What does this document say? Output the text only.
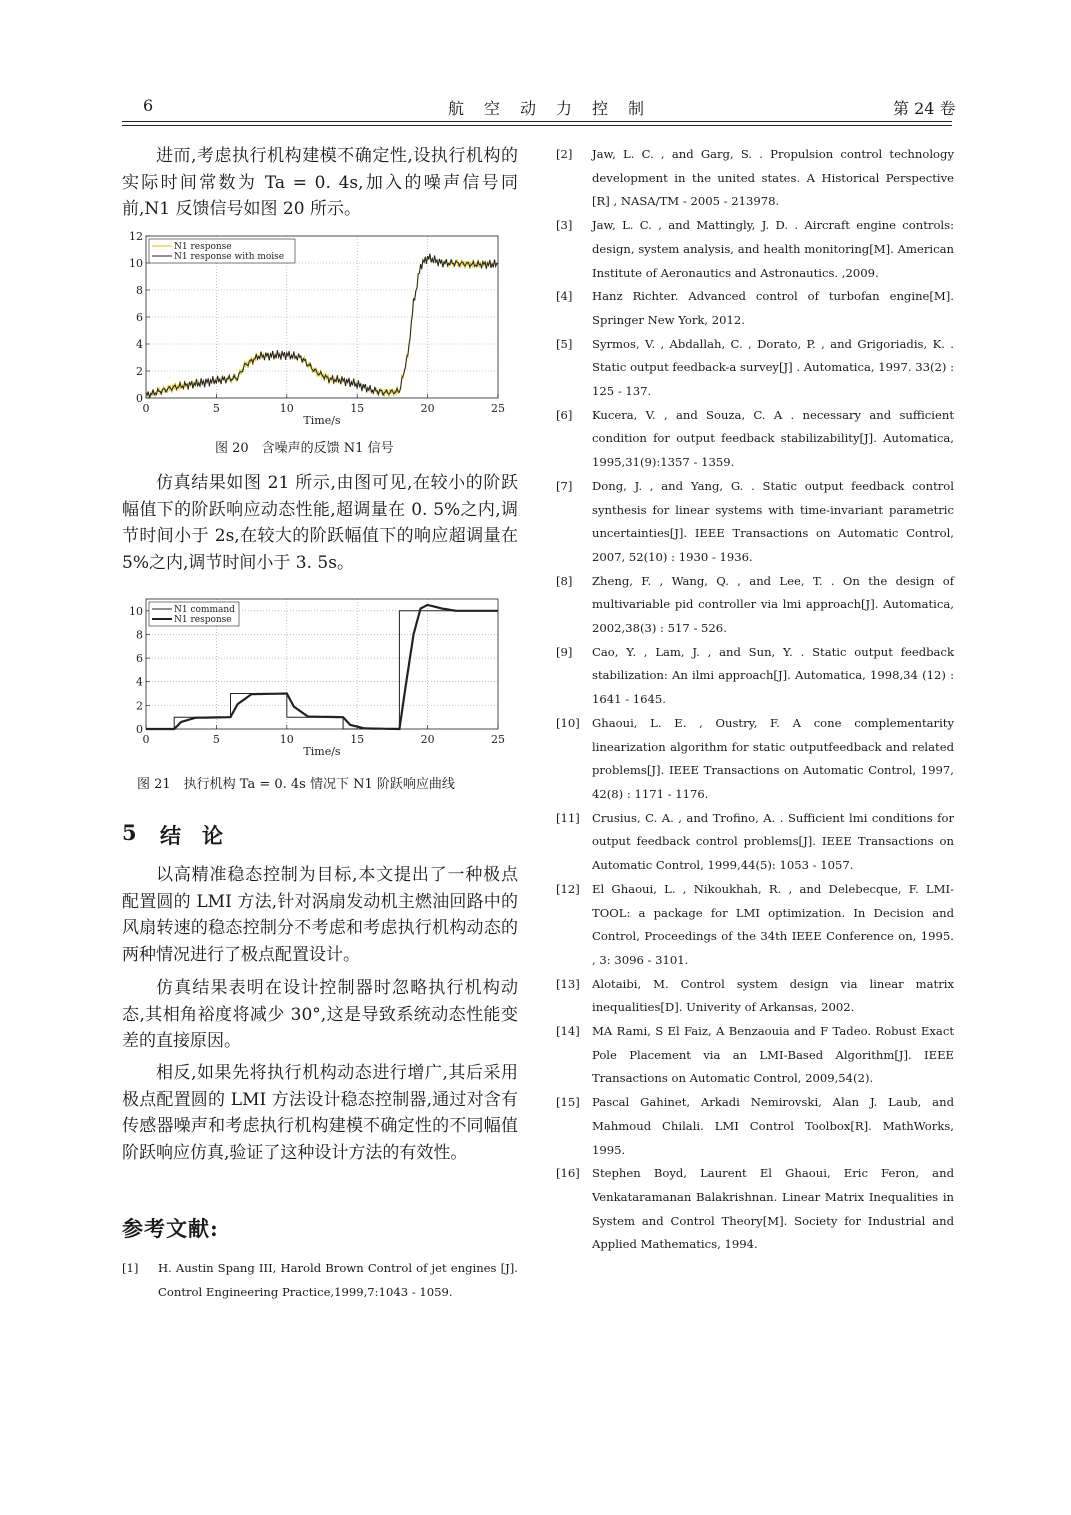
6	航　空　动　力　控　制	第 24 卷

进而,考虑执行机构建模不确定性,设执行机构的实际时间常数为 Ta = 0. 4s,加入的噪声信号同前,N1 反馈信号如图 20 所示。

0	5	10	15	20	25
0
2
4
6
8
10
12
Time/s
N1 response
N1 response with moise
图 20　含噪声的反馈 N1 信号

仿真结果如图 21 所示,由图可见,在较小的阶跃幅值下的阶跃响应动态性能,超调量在 0. 5%之内,调节时间小于 2s,在较大的阶跃幅值下的响应超调量在 5%之内,调节时间小于 3. 5s。

0	5	10	15	20	25
0
2
4
6
8
10
Time/s
N1 command
N1 response
图 21　执行机构 Ta = 0. 4s 情况下 N1 阶跃响应曲线
5 结　论

以高精准稳态控制为目标,本文提出了一种极点配置圆的 LMI 方法,针对涡扇发动机主燃油回路中的风扇转速的稳态控制分不考虑和考虑执行机构动态的两种情况进行了极点配置设计。

仿真结果表明在设计控制器时忽略执行机构动态,其相角裕度将减少 30°,这是导致系统动态性能变差的直接原因。

相反,如果先将执行机构动态进行增广,其后采用极点配置圆的 LMI 方法设计稳态控制器,通过对含有传感器噪声和考虑执行机构建模不确定性的不同幅值阶跃响应仿真,验证了这种设计方法的有效性。

参考文献:
[1]	H. Austin Spang III, Harold Brown Control of jet engines [J]. Control Engineering Practice,1999,7:1043 - 1059.
[2]	Jaw, L. C. , and Garg, S. . Propulsion control technology development in the united states. A Historical Perspective [R] , NASA/TM - 2005 - 213978.
[3]	Jaw, L. C. , and Mattingly, J. D. . Aircraft engine controls: design, system analysis, and health monitoring[M]. American Institute of Aeronautics and Astronautics. ,2009.
[4]	Hanz Richter. Advanced control of turbofan engine[M]. Springer New York, 2012.
[5]	Syrmos, V. , Abdallah, C. , Dorato, P. , and Grigoriadis, K. . Static output feedback-a survey[J] . Automatica, 1997. 33(2) : 125 - 137.
[6]	Kucera, V. , and Souza, C. A . necessary and sufficient condition for output feedback stabilizability[J]. Automatica, 1995,31(9):1357 - 1359.
[7]	Dong, J. , and Yang, G. . Static output feedback control synthesis for linear systems with time-invariant parametric uncertainties[J]. IEEE Transactions on Automatic Control, 2007, 52(10) : 1930 - 1936.
[8]	Zheng, F. , Wang, Q. , and Lee, T. . On the design of multivariable pid controller via lmi approach[J]. Automatica, 2002,38(3) : 517 - 526.
[9]	Cao, Y. , Lam, J. , and Sun, Y. . Static output feedback stabilization: An ilmi approach[J]. Automatica, 1998,34 (12) : 1641 - 1645.
[10]	Ghaoui, L. E. , Oustry, F. A cone complementarity linearization algorithm for static outputfeedback and related problems[J]. IEEE Transactions on Automatic Control, 1997, 42(8) : 1171 - 1176.
[11]	Crusius, C. A. , and Trofino, A. . Sufficient lmi conditions for output feedback control problems[J]. IEEE Transactions on Automatic Control, 1999,44(5): 1053 - 1057.
[12]	El Ghaoui, L. , Nikoukhah, R. , and Delebecque, F. LMI-TOOL: a package for LMI optimization. In Decision and Control, Proceedings of the 34th IEEE Conference on, 1995. , 3: 3096 - 3101.
[13]	Alotaibi, M. Control system design via linear matrix inequalities[D]. Univerity of Arkansas, 2002.
[14]	MA Rami, S El Faiz, A Benzaouia and F Tadeo. Robust Exact Pole Placement via an LMI-Based Algorithm[J]. IEEE Transactions on Automatic Control, 2009,54(2).
[15]	Pascal Gahinet, Arkadi Nemirovski, Alan J. Laub, and Mahmoud Chilali. LMI Control Toolbox[R]. MathWorks, 1995.
[16]	Stephen Boyd, Laurent El Ghaoui, Eric Feron, and Venkataramanan Balakrishnan. Linear Matrix Inequalities in System and Control Theory[M]. Society for Industrial and Applied Mathematics, 1994.
